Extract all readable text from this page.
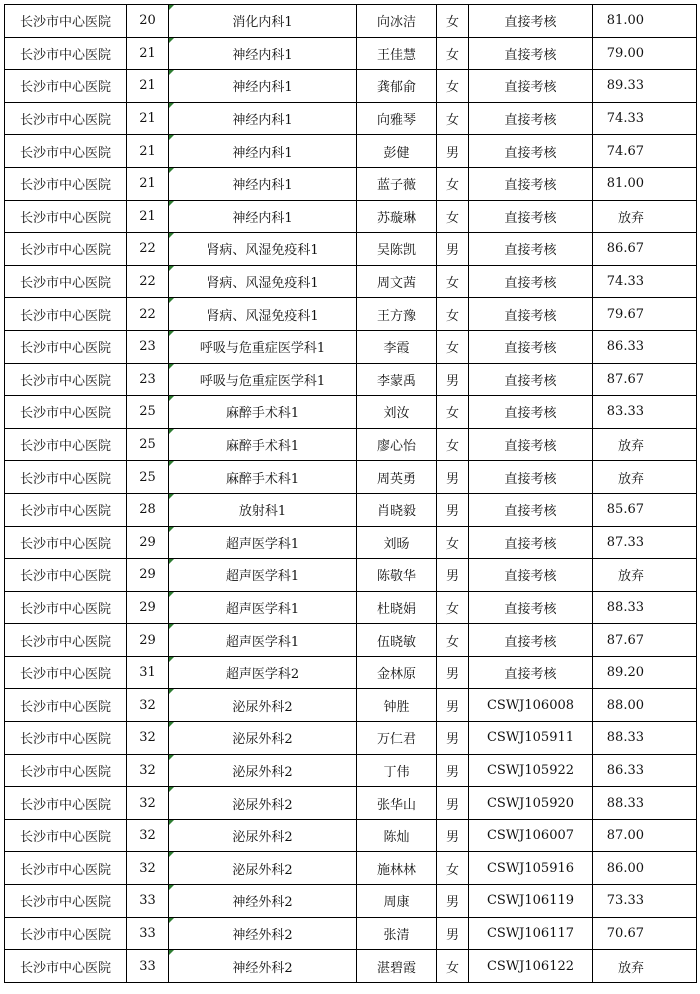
长沙市中心医院	20	消化内科1	向冰洁	女	直接考核	81.00
长沙市中心医院	21	神经内科1	王佳慧	女	直接考核	79.00
长沙市中心医院	21	神经内科1	龚郁俞	女	直接考核	89.33
长沙市中心医院	21	神经内科1	向雅琴	女	直接考核	74.33
长沙市中心医院	21	神经内科1	彭健	男	直接考核	74.67
长沙市中心医院	21	神经内科1	蓝子薇	女	直接考核	81.00
长沙市中心医院	21	神经内科1	苏璇琳	女	直接考核	放弃
长沙市中心医院	22	肾病、风湿免疫科1	吴陈凯	男	直接考核	86.67
长沙市中心医院	22	肾病、风湿免疫科1	周文茜	女	直接考核	74.33
长沙市中心医院	22	肾病、风湿免疫科1	王方豫	女	直接考核	79.67
长沙市中心医院	23	呼吸与危重症医学科1	李霞	女	直接考核	86.33
长沙市中心医院	23	呼吸与危重症医学科1	李蒙禹	男	直接考核	87.67
长沙市中心医院	25	麻醉手术科1	刘汝	女	直接考核	83.33
长沙市中心医院	25	麻醉手术科1	廖心怡	女	直接考核	放弃
长沙市中心医院	25	麻醉手术科1	周英勇	男	直接考核	放弃
长沙市中心医院	28	放射科1	肖晓毅	男	直接考核	85.67
长沙市中心医院	29	超声医学科1	刘旸	女	直接考核	87.33
长沙市中心医院	29	超声医学科1	陈敬华	男	直接考核	放弃
长沙市中心医院	29	超声医学科1	杜晓娟	女	直接考核	88.33
长沙市中心医院	29	超声医学科1	伍晓敏	女	直接考核	87.67
长沙市中心医院	31	超声医学科2	金林原	男	直接考核	89.20
长沙市中心医院	32	泌尿外科2	钟胜	男	CSWJ106008	88.00
长沙市中心医院	32	泌尿外科2	万仁君	男	CSWJ105911	88.33
长沙市中心医院	32	泌尿外科2	丁伟	男	CSWJ105922	86.33
长沙市中心医院	32	泌尿外科2	张华山	男	CSWJ105920	88.33
长沙市中心医院	32	泌尿外科2	陈灿	男	CSWJ106007	87.00
长沙市中心医院	32	泌尿外科2	施林林	女	CSWJ105916	86.00
长沙市中心医院	33	神经外科2	周康	男	CSWJ106119	73.33
长沙市中心医院	33	神经外科2	张清	男	CSWJ106117	70.67
长沙市中心医院	33	神经外科2	湛碧霞	女	CSWJ106122	放弃
